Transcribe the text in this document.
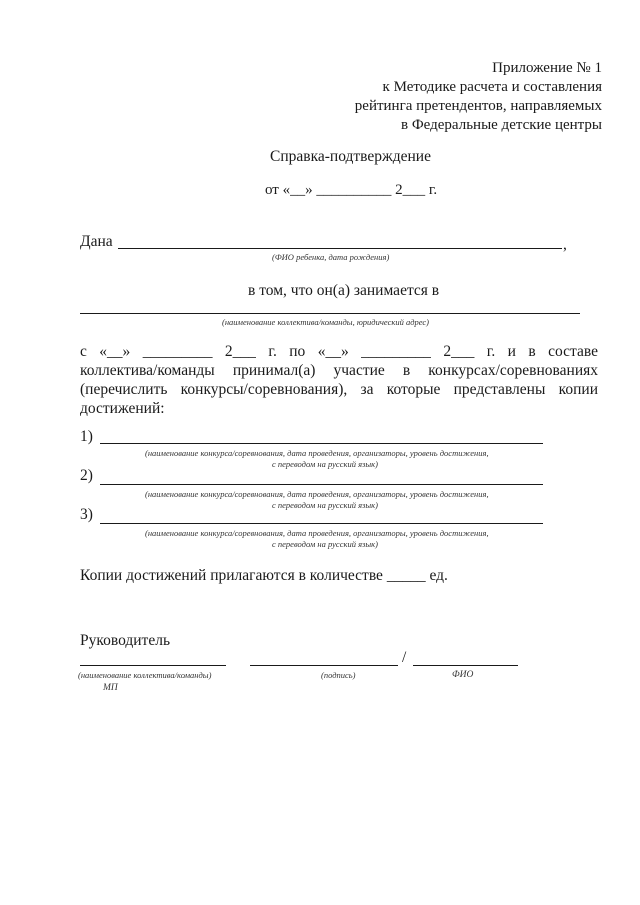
Приложение № 1
к Методике расчета и составления
рейтинга претендентов, направляемых
в Федеральные детские центры
Справка-подтверждение
от «__» __________ 2___ г.
Дана	,
(ФИО ребенка, дата рождения)
в том, что он(а) занимается в
(наименование коллектива/команды, юридический адрес)
с «__» _________ 2___ г. по «__» _________ 2___ г. и в составе
коллектива/команды принимал(а) участие в конкурсах/соревнованиях
(перечислить конкурсы/соревнования), за которые представлены копии
достижений:
1)
(наименование конкурса/соревнования, дата проведения, организаторы, уровень достижения,
с переводом на русский язык)
2)
(наименование конкурса/соревнования, дата проведения, организаторы, уровень достижения,
с переводом на русский язык)
3)
(наименование конкурса/соревнования, дата проведения, организаторы, уровень достижения,
с переводом на русский язык)
Копии достижений прилагаются в количестве _____ ед.
Руководитель
/
(наименование коллектива/команды)	(подпись)	ФИО
МП
